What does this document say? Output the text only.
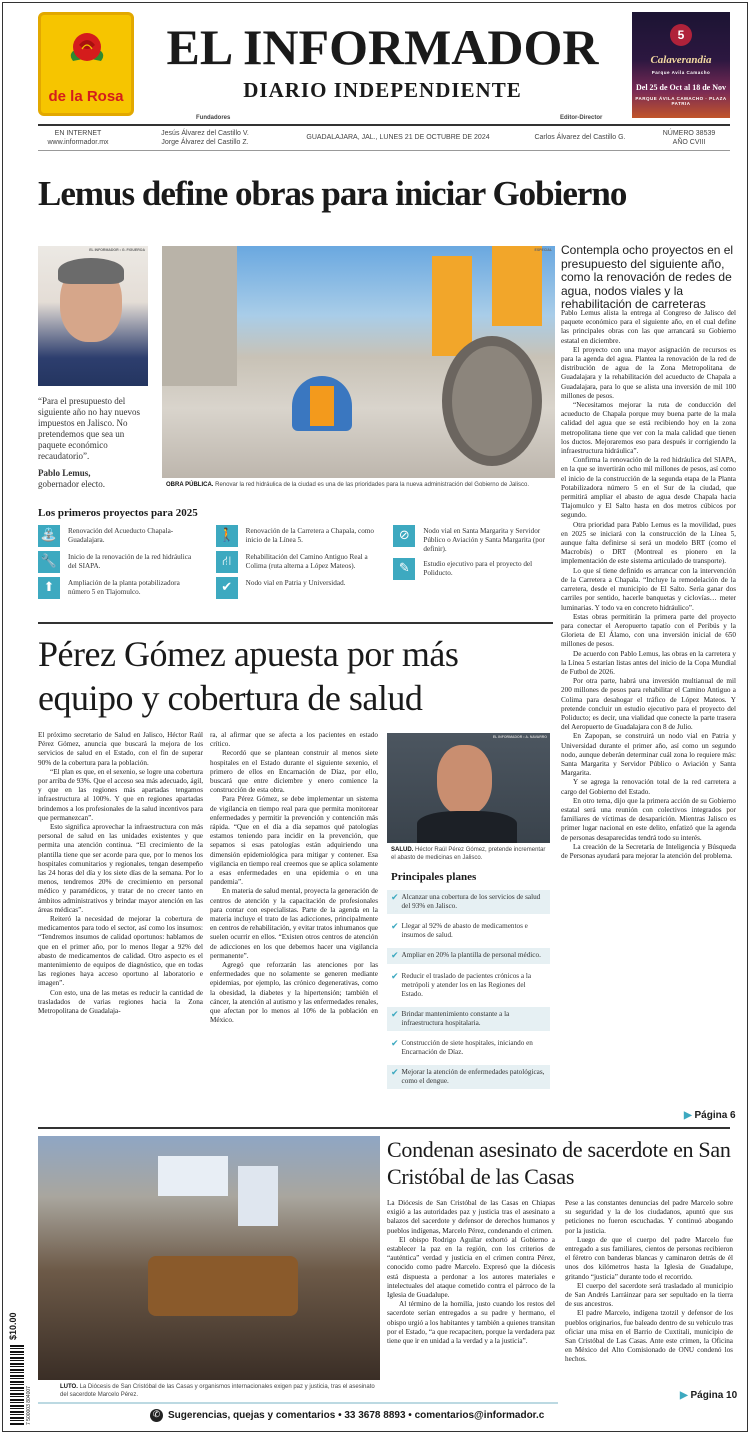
de la Rosa
EL INFORMADOR
DIARIO INDEPENDIENTE
5
Calaverandia
Parque Avila Camacho
Del 25 de Oct al 18 de Nov
PARQUE ÁVILA CAMACHO · PLAZA PATRIA
Fundadores	Editor-Director
EN INTERNET
www.informador.mx
Jesús Álvarez del Castillo V.
Jorge Álvarez del Castillo Z.
GUADALAJARA, JAL., LUNES 21 DE OCTUBRE DE 2024	Carlos Álvarez del Castillo G.
NÚMERO 38539
AÑO CVIII
Lemus define obras para iniciar Gobierno
EL INFORMADOR • G. FIGUEROA
“Para el presupuesto del siguiente año no hay nuevos impuestos en Jalisco. No pretendemos que sea un paquete económico recaudatorio”.
Pablo Lemus,
gobernador electo.
ESPECIAL
OBRA PÚBLICA. Renovar la red hidráulica de la ciudad es una de las prioridades para la nueva administración del Gobierno de Jalisco.
Contempla ocho proyectos en el presupuesto del siguiente año, como la renovación de redes de agua, nodos viales y la rehabilitación de carreteras

Pablo Lemus alista la entrega al Congreso de Jalisco del paquete económico para el siguiente año, en el cual define las principales obras con las que arrancará su Gobierno estatal en diciembre.

El proyecto con una mayor asignación de recursos es para la agenda del agua. Plantea la renovación de la red de distribución de agua de la Zona Metropolitana de Guadalajara y la rehabilitación del acueducto de Chapala a Guadalajara, para lo que se alista una inversión de mil 100 millones de pesos.

“Necesitamos mejorar la ruta de conducción del acueducto de Chapala porque muy buena parte de la mala calidad del agua que se está recibiendo hoy en la zona metropolitana tiene que ver con la mala calidad que tienen los ductos. Mejoraremos eso para después ir corrigiendo la infraestructura hidráulica”.

Confirma la renovación de la red hidráulica del SIAPA, en la que se invertirán ocho mil millones de pesos, así como el inicio de la construcción de la segunda etapa de la Planta Potabilizadora número 5 en el Sur de la ciudad, que permitirá ampliar el abasto de agua desde Chapala hacia Tlajomulco y El Salto hasta en dos metros cúbicos por segundo.

Otra prioridad para Pablo Lemus es la movilidad, pues en 2025 se iniciará con la construcción de la Línea 5, aunque falta definirse si será un modelo BRT (como el Macrobús) o DRT (Montreal es pionero en la implementación de este sistema articulado de transporte).

Lo que sí tiene definido es arrancar con la intervención de la Carretera a Chapala. “Incluye la remodelación de la carretera, desde el municipio de El Salto. Sería ganar dos carriles por sentido, hacerle banquetas y ciclovías… meter luminarias. Y todo va en concreto hidráulico”.

Estas obras permitirán la primera parte del proyecto para conectar el Aeropuerto tapatío con el Peribús y la Glorieta de El Álamo, con una inversión inicial de 650 millones de pesos.

De acuerdo con Pablo Lemus, las obras en la carretera y la Línea 5 estarían listas antes del inicio de la Copa Mundial de Futbol de 2026.

Por otra parte, habrá una inversión multianual de mil 200 millones de pesos para rehabilitar el Camino Antiguo a Colima para desahogar el tráfico de López Mateos. Y pretende concluir un estudio ejecutivo para el proyecto del Poliducto; es decir, una vialidad que conecte la parte trasera del Aeropuerto de Guadalajara con 8 de Julio.

En Zapopan, se construirá un nodo vial en Patria y Universidad durante el primer año, así como un segundo nodo, aunque deberán determinar cuál zona lo requiere más: Santa Margarita y Servidor Público o Aviación y Santa Margarita.

Y se agrega la renovación total de la red carretera a cargo del Gobierno del Estado.

En otro tema, dijo que la primera acción de su Gobierno estatal será una reunión con colectivos integrados por familiares de víctimas de desaparición. Mientras Jalisco es primer lugar nacional en este delito, enfatizó que la agenda de personas desaparecidas tendrá todo su interés.

La creación de la Secretaría de Inteligencia y Búsqueda de Personas ayudará para mejorar la atención del problema.

▶ Página 6
Los primeros proyectos para 2025
⛲	Renovación del Acueducto Chapala-Guadalajara.
🔧	Inicio de la renovación de la red hidráulica del SIAPA.
⬆	Ampliación de la planta potabilizadora número 5 en Tlajomulco.
🚶	Renovación de la Carretera a Chapala, como inicio de la Línea 5.
⛙	Rehabilitación del Camino Antiguo Real a Colima (ruta alterna a López Mateos).
✔	Nodo vial en Patria y Universidad.
⊘	Nodo vial en Santa Margarita y Servidor Público o Aviación y Santa Margarita (por definir).
✎	Estudio ejecutivo para el proyecto del Poliducto.
Pérez Gómez apuesta por más equipo y cobertura de salud

El próximo secretario de Salud en Jalisco, Héctor Raúl Pérez Gómez, anuncia que buscará la mejora de los servicios de salud en el Estado, con el fin de superar 90% de la cobertura para la población.

“El plan es que, en el sexenio, se logre una cobertura por arriba de 93%. Que el acceso sea más adecuado, ágil, y que en las regiones más apartadas tengamos infraestructura al 100%. Y que en regiones apartadas brindemos a los profesionales de la salud incentivos para que permanezcan”.

Esto significa aprovechar la infraestructura con más personal de salud en las unidades existentes y que permita una atención continua. “El crecimiento de la plantilla tiene que ser acorde para que, por lo menos los hospitales comunitarios y regionales, tengan desempeño las 24 horas del día y los siete días de la semana. Por lo menos, tendremos 20% de crecimiento en personal médico y paramédicos, y tratar de no crecer tanto en ámbitos administrativos y brindar mayor atención en las áreas médicas”.

Reiteró la necesidad de mejorar la cobertura de medicamentos para todo el sector, así como los insumos: “Tendremos insumos de calidad oportunos: hablamos de que en el primer año, por lo menos llegar a 92% del abasto de medicamentos de calidad. Otro aspecto es el mantenimiento de equipos de diagnóstico, que en todas las regiones haya acceso oportuno al laboratorio e imagen”.

Con esto, una de las metas es reducir la cantidad de trasladados de varias regiones hacia la Zona Metropolitana de Guadalaja-

ra, al afirmar que se afecta a los pacientes en estado crítico.

Recordó que se plantean construir al menos siete hospitales en el Estado durante el siguiente sexenio, el primero de ellos en Encarnación de Díaz, por ello, buscará que entre diciembre y enero comience la construcción de esta obra.

Para Pérez Gómez, se debe implementar un sistema de vigilancia en tiempo real para que permita monitorear enfermedades y permitir la prevención y contención más rápida. “Que en el día a día sepamos qué patologías estamos teniendo para incidir en la prevención, que sepamos si esas patologías están adquiriendo una dimensión epidemiológica para mitigar y contener. Esa vigilancia en tiempo real creemos que se aplica solamente a esas enfermedades en una epidemia o en una pandemia”.

En materia de salud mental, proyecta la generación de centros de atención y la capacitación de profesionales para contar con especialistas. Parte de la agenda en la materia incluye el trato de las adicciones, principalmente en centros de rehabilitación, y evitar tratos inhumanos que suelen ocurrir en ellos. “Existen otros centros de atención de adicciones en los que debemos hacer una vigilancia permanente”.

Agregó que reforzarán las atenciones por las enfermedades que no solamente se generen mediante epidemias, por ejemplo, las crónico degenerativas, como la obesidad, la diabetes y la hipertensión; también el cáncer, la atención al autismo y las enfermedades renales, que afectan por lo menos al 10% de la población en México.

EL INFORMADOR • A. NAVARRO
SALUD. Héctor Raúl Pérez Gómez, pretende incrementar el abasto de medicinas en Jalisco.
Principales planes
✔ Alcanzar una cobertura de los servicios de salud del 93% en Jalisco.
✔ Llegar al 92% de abasto de medicamentos e insumos de salud.
✔ Ampliar en 20% la plantilla de personal médico.
✔ Reducir el traslado de pacientes crónicos a la metrópoli y atender los en las Regiones del Estado.
✔ Brindar mantenimiento constante a la infraestructura hospitalaria.
✔ Construcción de siete hospitales, iniciando en Encarnación de Díaz.
✔ Mejorar la atención de enfermedades patológicas, como el dengue.
LUTO. La Diócesis de San Cristóbal de las Casas y organismos internacionales exigen paz y justicia, tras el asesinato del sacerdote Marcelo Pérez.
Condenan asesinato de sacerdote en San Cristóbal de las Casas

La Diócesis de San Cristóbal de las Casas en Chiapas exigió a las autoridades paz y justicia tras el asesinato a balazos del sacerdote y defensor de derechos humanos y pueblos indígenas, Marcelo Pérez, condenando el crimen.

El obispo Rodrigo Aguilar exhortó al Gobierno a establecer la paz en la región, con los criterios de “auténtica” verdad y justicia en el crimen contra Pérez, conocido como padre Marcelo. Expresó que la diócesis está dispuesta a perdonar a los autores materiales e intelectuales del ataque cometido contra el párroco de la Iglesia de Guadalupe.

Al término de la homilía, justo cuando los restos del sacerdote serían entregados a su padre y hermano, el obispo urgió a los habitantes y también a quienes transitan por el Estado, “a que recapaciten, porque la verdadera paz tiene que ir en unidad a la verdad y a la justicia”.

Pese a las constantes denuncias del padre Marcelo sobre su seguridad y la de los ciudadanos, apuntó que sus peticiones no fueron escuchadas. Y continuó abogando por la justicia.

Luego de que el cuerpo del padre Marcelo fue entregado a sus familiares, cientos de personas recibieron el féretro con banderas blancas y caminaron detrás de él unos dos kilómetros hasta la Iglesia de Guadalupe, gritando “justicia” durante todo el recorrido.

El cuerpo del sacerdote será trasladado al municipio de San Andrés Larráinzar para ser sepultado en la tierra de sus ancestros.

El padre Marcelo, indígena tzotzil y defensor de los pueblos originarios, fue baleado dentro de su vehículo tras oficiar una misa en el Barrio de Cuxtitali, municipio de San Cristóbal de Las Casas. Ante este crimen, la Oficina en México del Alto Comisionado de ONU condenó los hechos.

▶ Página 10
$10.00
7 500003 804007	✆ Sugerencias, quejas y comentarios • 33 3678 8893 • comentarios@informador.c
